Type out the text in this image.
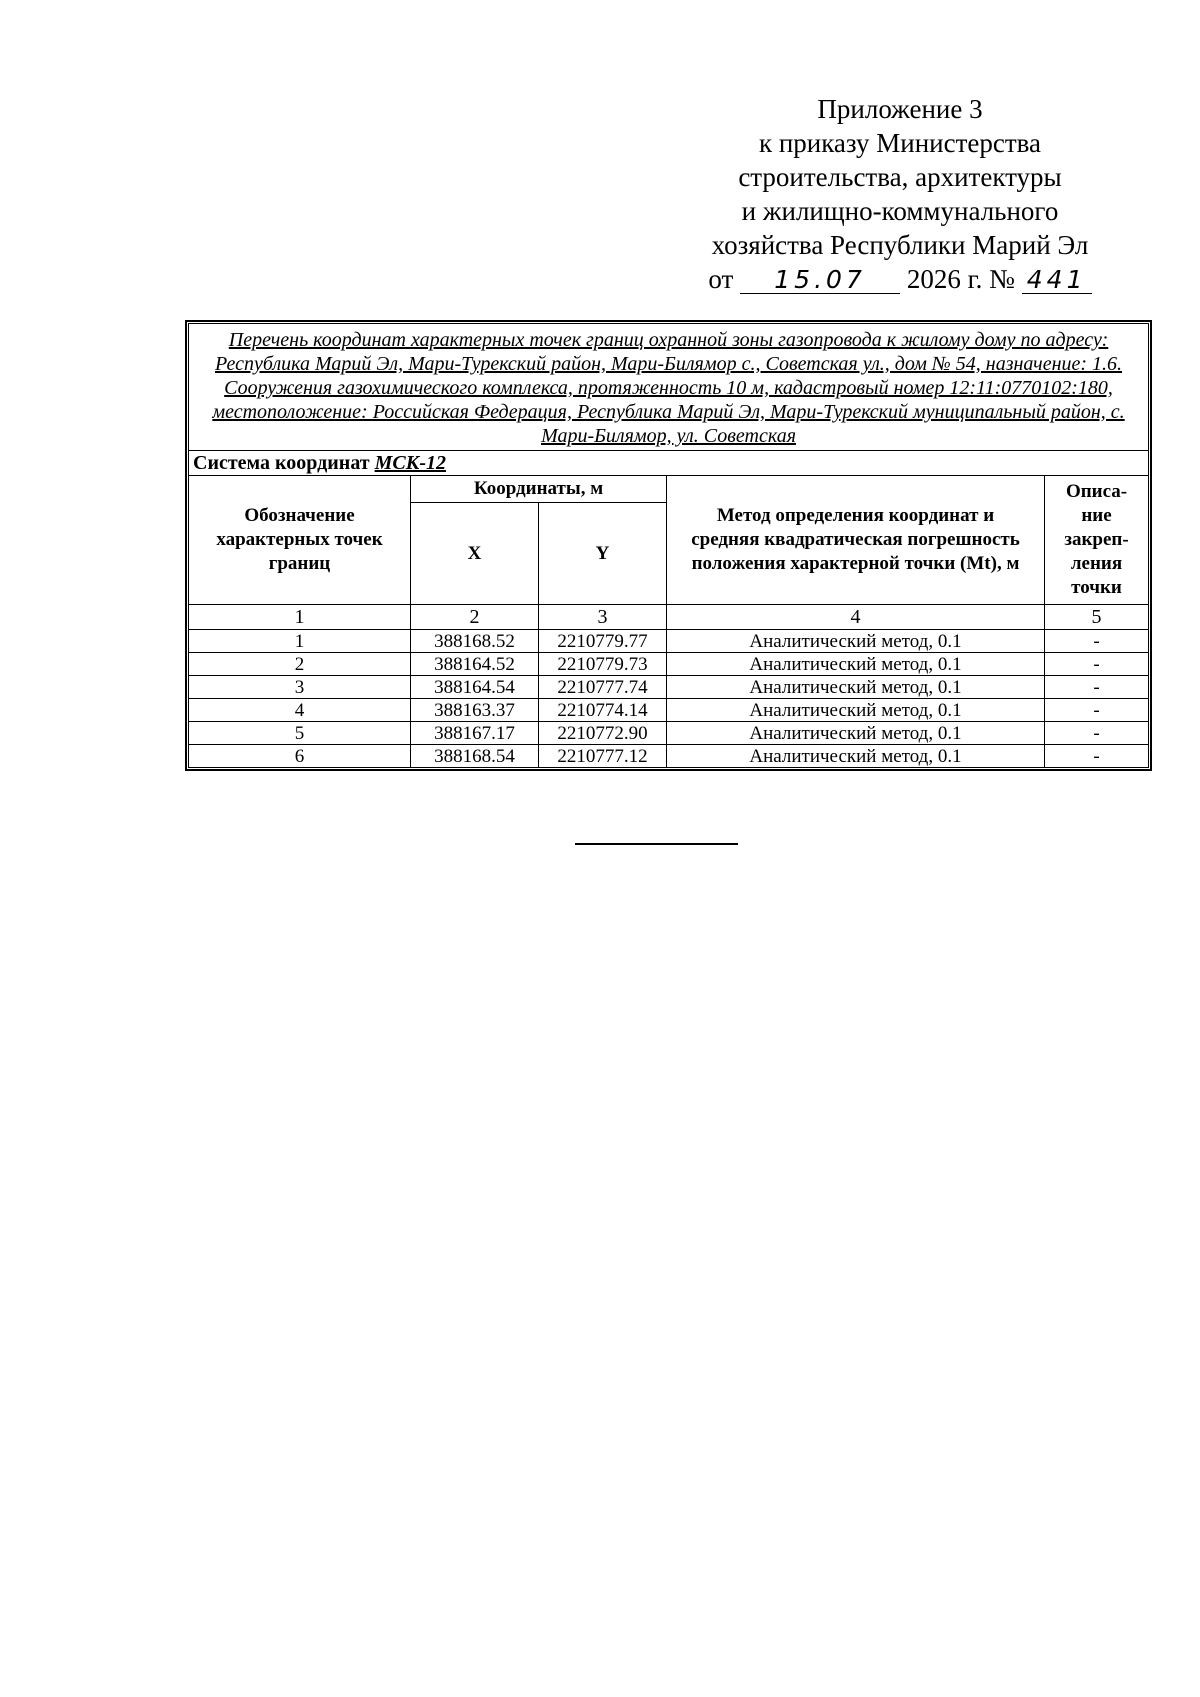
Приложение 3
к приказу Министерства
строительства, архитектуры
и жилищно-коммунального
хозяйства Республики Марий Эл
от 15.07 2026 г. № 441
Перечень координат характерных точек границ охранной зоны газопровода к жилому дому по адресу: Республика Марий Эл, Мари-Турекский район, Мари-Билямор с., Советская ул., дом № 54, назначение: 1.6. Сооружения газохимического комплекса, протяженность 10 м, кадастровый номер 12:11:0770102:180, местоположение: Российская Федерация, Республика Марий Эл, Мари-Турекский муниципальный район, с. Мари-Билямор, ул. Советская				
Система координат МСК-12				
Обозначение характерных точек границ	Координаты, м		Метод определения координат и средняя квадратическая погрешность положения характерной точки (Mt), м	Описа-ние закреп-ления точки
	X	Y		
1	2	3	4	5
1	388168.52	2210779.77	Аналитический метод, 0.1	-
2	388164.52	2210779.73	Аналитический метод, 0.1	-
3	388164.54	2210777.74	Аналитический метод, 0.1	-
4	388163.37	2210774.14	Аналитический метод, 0.1	-
5	388167.17	2210772.90	Аналитический метод, 0.1	-
6	388168.54	2210777.12	Аналитический метод, 0.1	-
